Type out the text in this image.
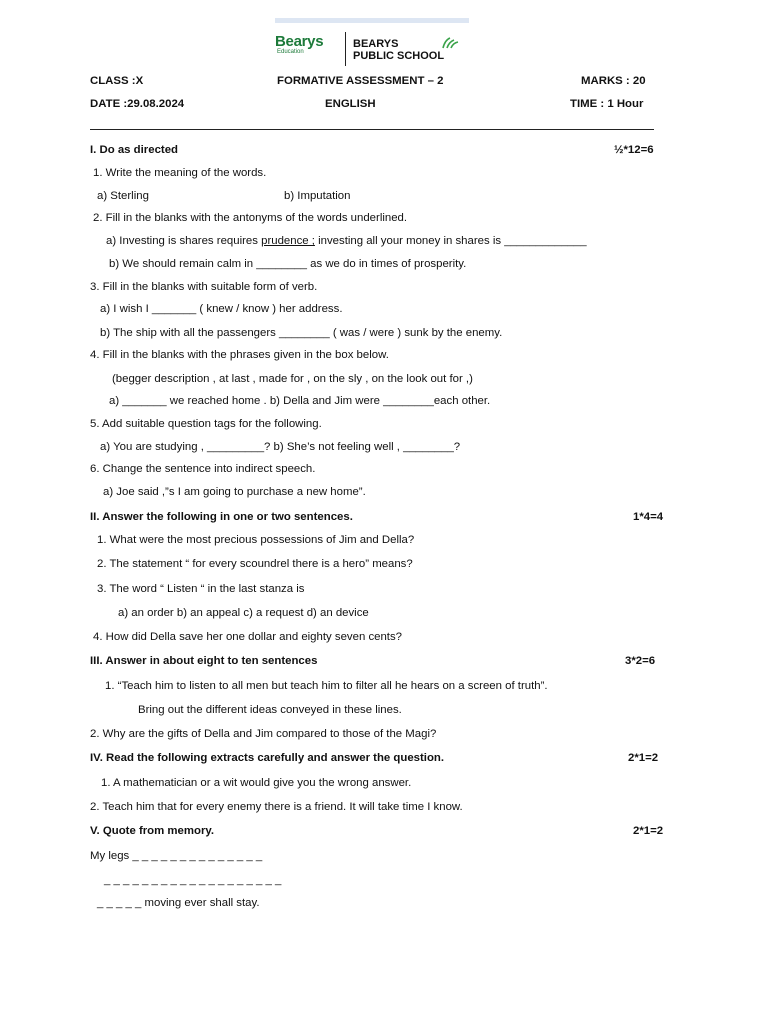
Bearys
Education
BEARYS
PUBLIC SCHOOL
CLASS :X	FORMATIVE ASSESSMENT – 2	MARKS : 20
DATE :29.08.2024	ENGLISH	TIME : 1 Hour
I. Do as directed	½*12=6
1. Write the meaning of the words.
a) Sterling	b) Imputation
2. Fill in the blanks with the antonyms of the words underlined.
a) Investing is shares requires prudence ; investing all your money in shares is _____________
b) We should remain calm in ________ as we do in times of prosperity.
3. Fill in the blanks with suitable form of verb.
a) I wish I _______ ( knew / know ) her address.
b) The ship with all the passengers ________ ( was / were ) sunk by the enemy.
4. Fill in the blanks with the phrases given in the box below.
(begger description , at last , made for , on the sly , on the look out for ,)
a) _______ we reached home . b) Della and Jim were ________each other.
5. Add suitable question tags for the following.
a) You are studying , _________? b) She’s not feeling well , ________?
6. Change the sentence into indirect speech.
a) Joe said ,”s I am going to purchase a new home”.
II. Answer the following in one or two sentences.	1*4=4
1. What were the most precious possessions of Jim and Della?
2. The statement “ for every scoundrel there is a hero” means?
3. The word “ Listen “ in the last stanza is
a) an order b) an appeal c) a request d) an device
4. How did Della save her one dollar and eighty seven cents?
III. Answer in about eight to ten sentences	3*2=6
1. “Teach him to listen to all men but teach him to filter all he hears on a screen of truth”.
Bring out the different ideas conveyed in these lines.
2. Why are the gifts of Della and Jim compared to those of the Magi?
IV. Read the following extracts carefully and answer the question.	2*1=2
1. A mathematician or a wit would give you the wrong answer.
2. Teach him that for every enemy there is a friend. It will take time I know.
V. Quote from memory.	2*1=2
My legs _ _ _ _ _ _ _ _ _ _ _ _ _ _
_ _ _ _ _ _ _ _ _ _ _ _ _ _ _ _ _ _ _
_ _ _ _ _ moving ever shall stay.
